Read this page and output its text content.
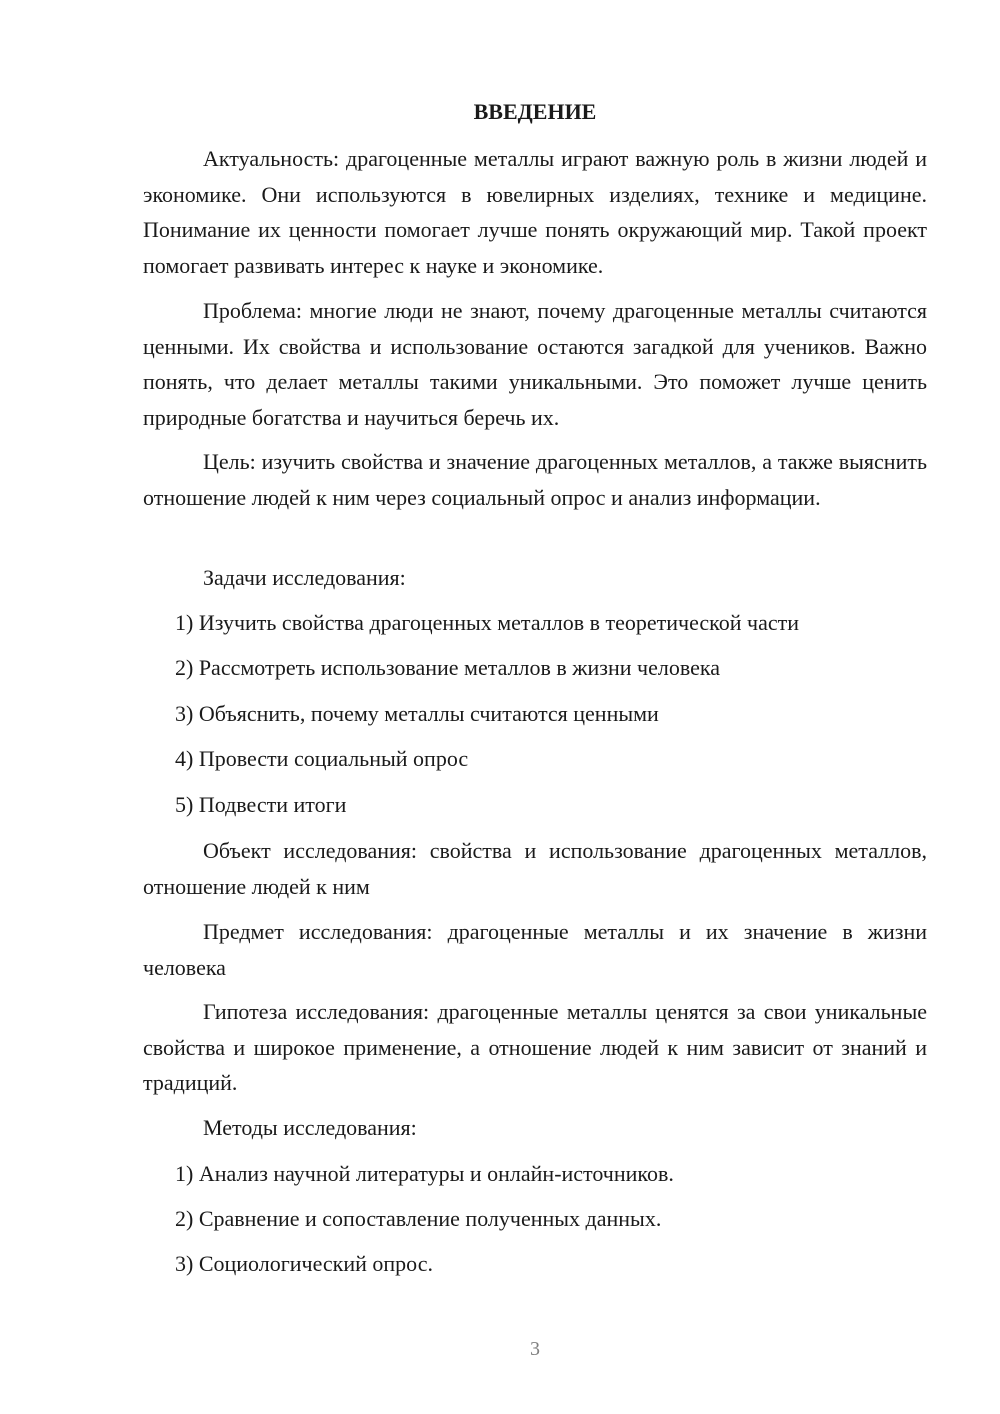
ВВЕДЕНИЕ

Актуальность: драгоценные металлы играют важную роль в жизни людей и экономике. Они используются в ювелирных изделиях, технике и медицине. Понимание их ценности помогает лучше понять окружающий мир. Такой проект помогает развивать интерес к науке и экономике.

Проблема: многие люди не знают, почему драгоценные металлы считаются ценными. Их свойства и использование остаются загадкой для учеников. Важно понять, что делает металлы такими уникальными. Это поможет лучше ценить природные богатства и научиться беречь их.

Цель: изучить свойства и значение драгоценных металлов, а также выяснить отношение людей к ним через социальный опрос и анализ информации.

Задачи исследования:
1) Изучить свойства драгоценных металлов в теоретической части
2) Рассмотреть использование металлов в жизни человека
3) Объяснить, почему металлы считаются ценными
4) Провести социальный опрос
5) Подвести итоги

Объект исследования: свойства и использование драгоценных металлов, отношение людей к ним

Предмет исследования: драгоценные металлы и их значение в жизни человека

Гипотеза исследования: драгоценные металлы ценятся за свои уникальные свойства и широкое применение, а отношение людей к ним зависит от знаний и традиций.

Методы исследования:
1) Анализ научной литературы и онлайн-источников.
2) Сравнение и сопоставление полученных данных.
3) Социологический опрос.
3
